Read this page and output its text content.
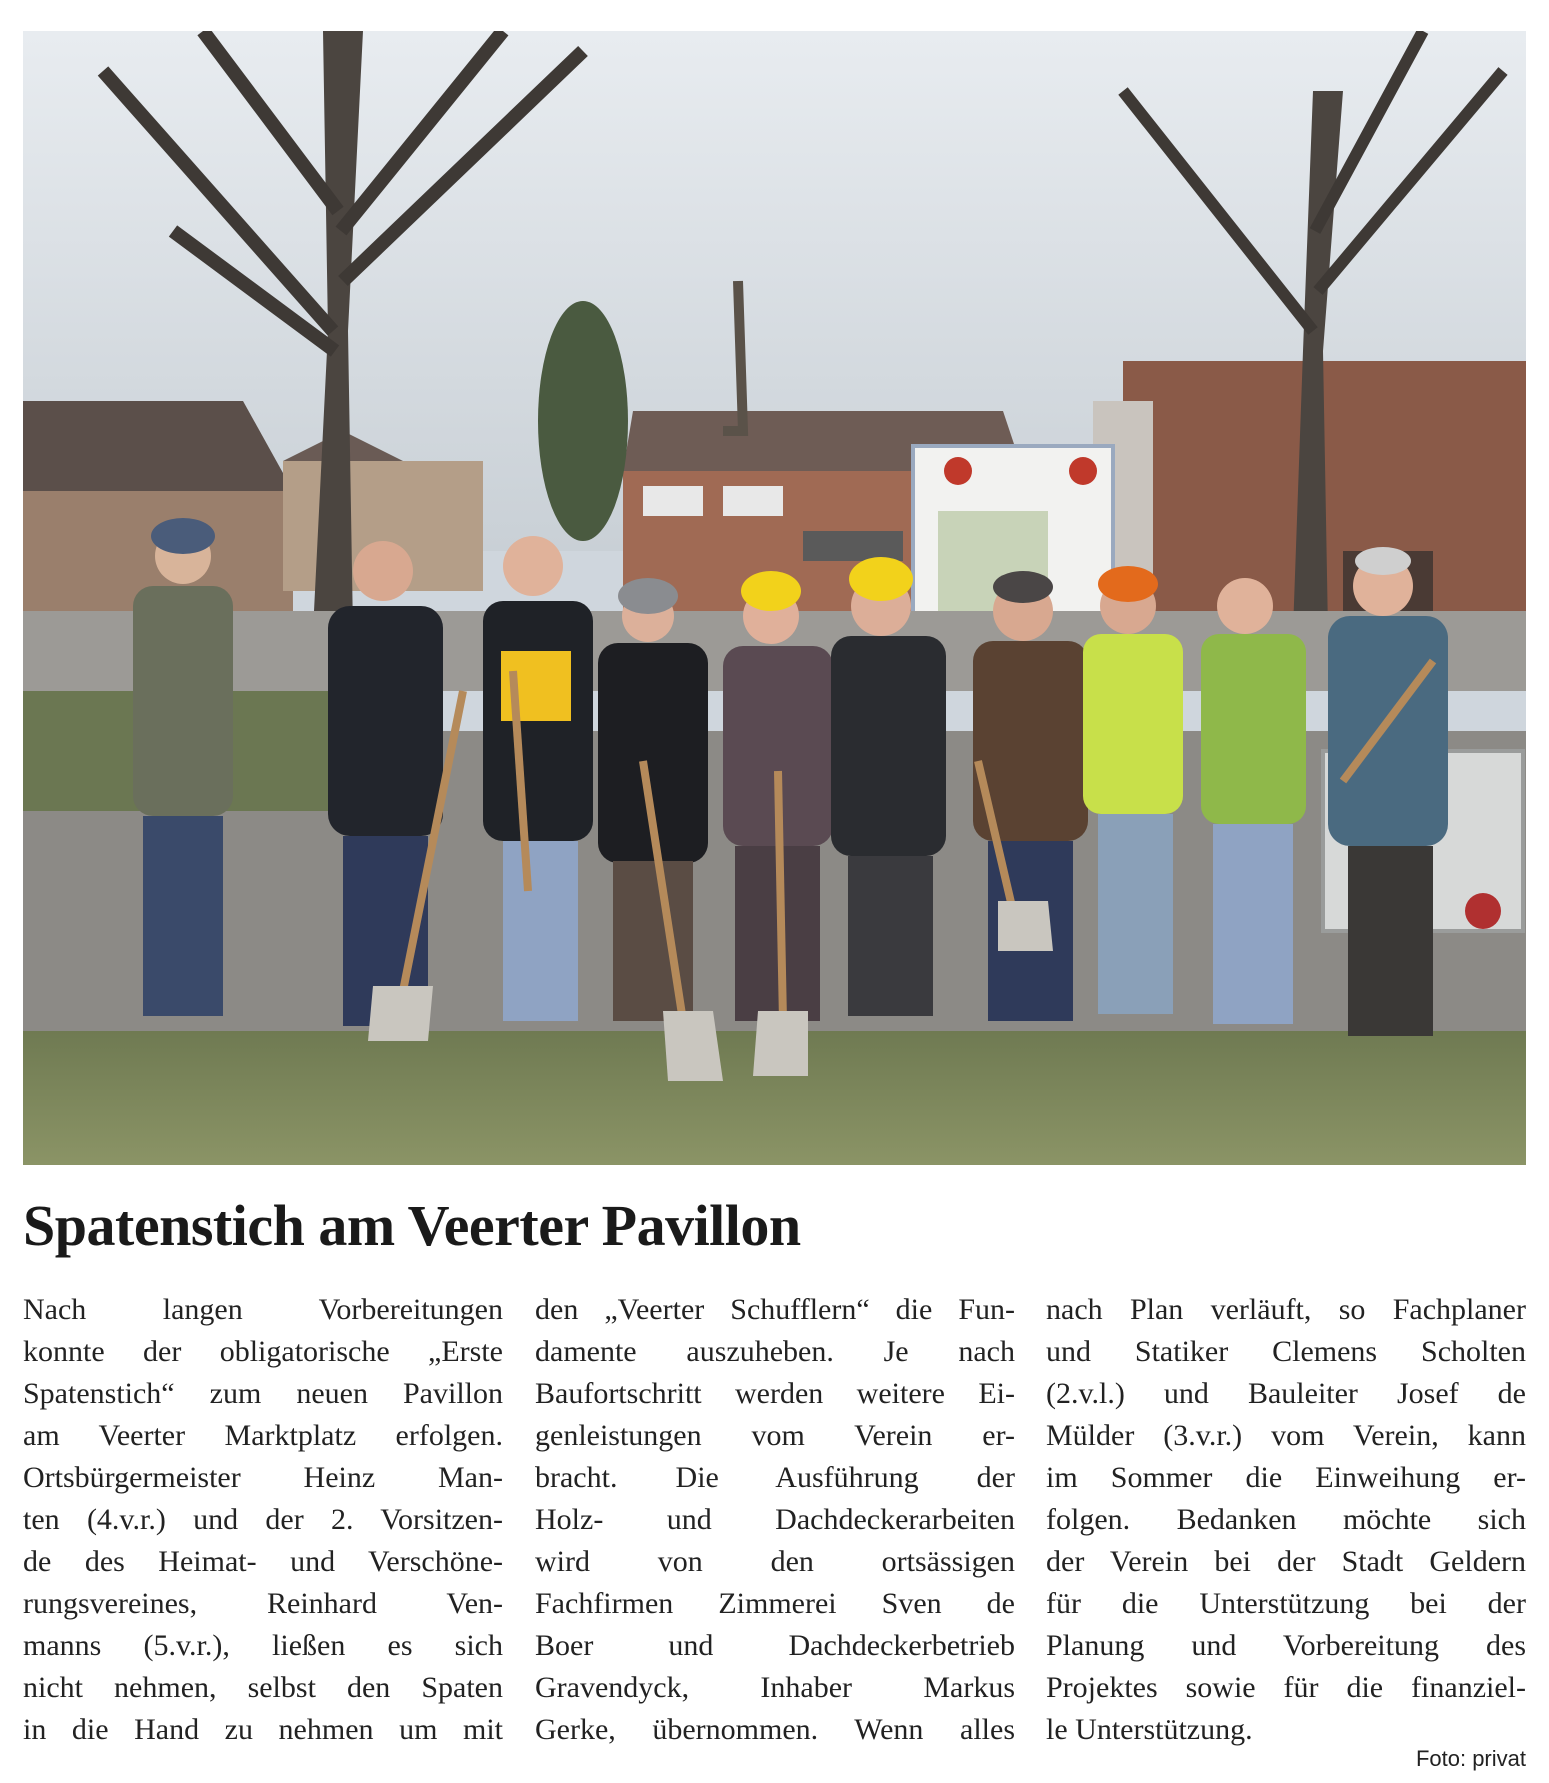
Spatenstich am Veerter Pavillon
Nach langen Vorbereitungen
konnte der obligatorische „Erste
Spatenstich“ zum neuen Pavillon
am Veerter Marktplatz erfolgen.
Ortsbürgermeister Heinz Man-
ten (4.v.r.) und der 2. Vorsitzen-
de des Heimat- und Verschöne-
rungsvereines, Reinhard Ven-
manns (5.v.r.), ließen es sich
nicht nehmen, selbst den Spaten
in die Hand zu nehmen um mit
den „Veerter Schufflern“ die Fun-
damente auszuheben. Je nach
Baufortschritt werden weitere Ei-
genleistungen vom Verein er-
bracht. Die Ausführung der
Holz- und Dachdeckerarbeiten
wird von den ortsässigen
Fachfirmen Zimmerei Sven de
Boer und Dachdeckerbetrieb
Gravendyck, Inhaber Markus
Gerke, übernommen. Wenn alles
nach Plan verläuft, so Fachplaner
und Statiker Clemens Scholten
(2.v.l.) und Bauleiter Josef de
Mülder (3.v.r.) vom Verein, kann
im Sommer die Einweihung er-
folgen. Bedanken möchte sich
der Verein bei der Stadt Geldern
für die Unterstützung bei der
Planung und Vorbereitung des
Projektes sowie für die finanziel-
le Unterstützung.
Foto: privat
